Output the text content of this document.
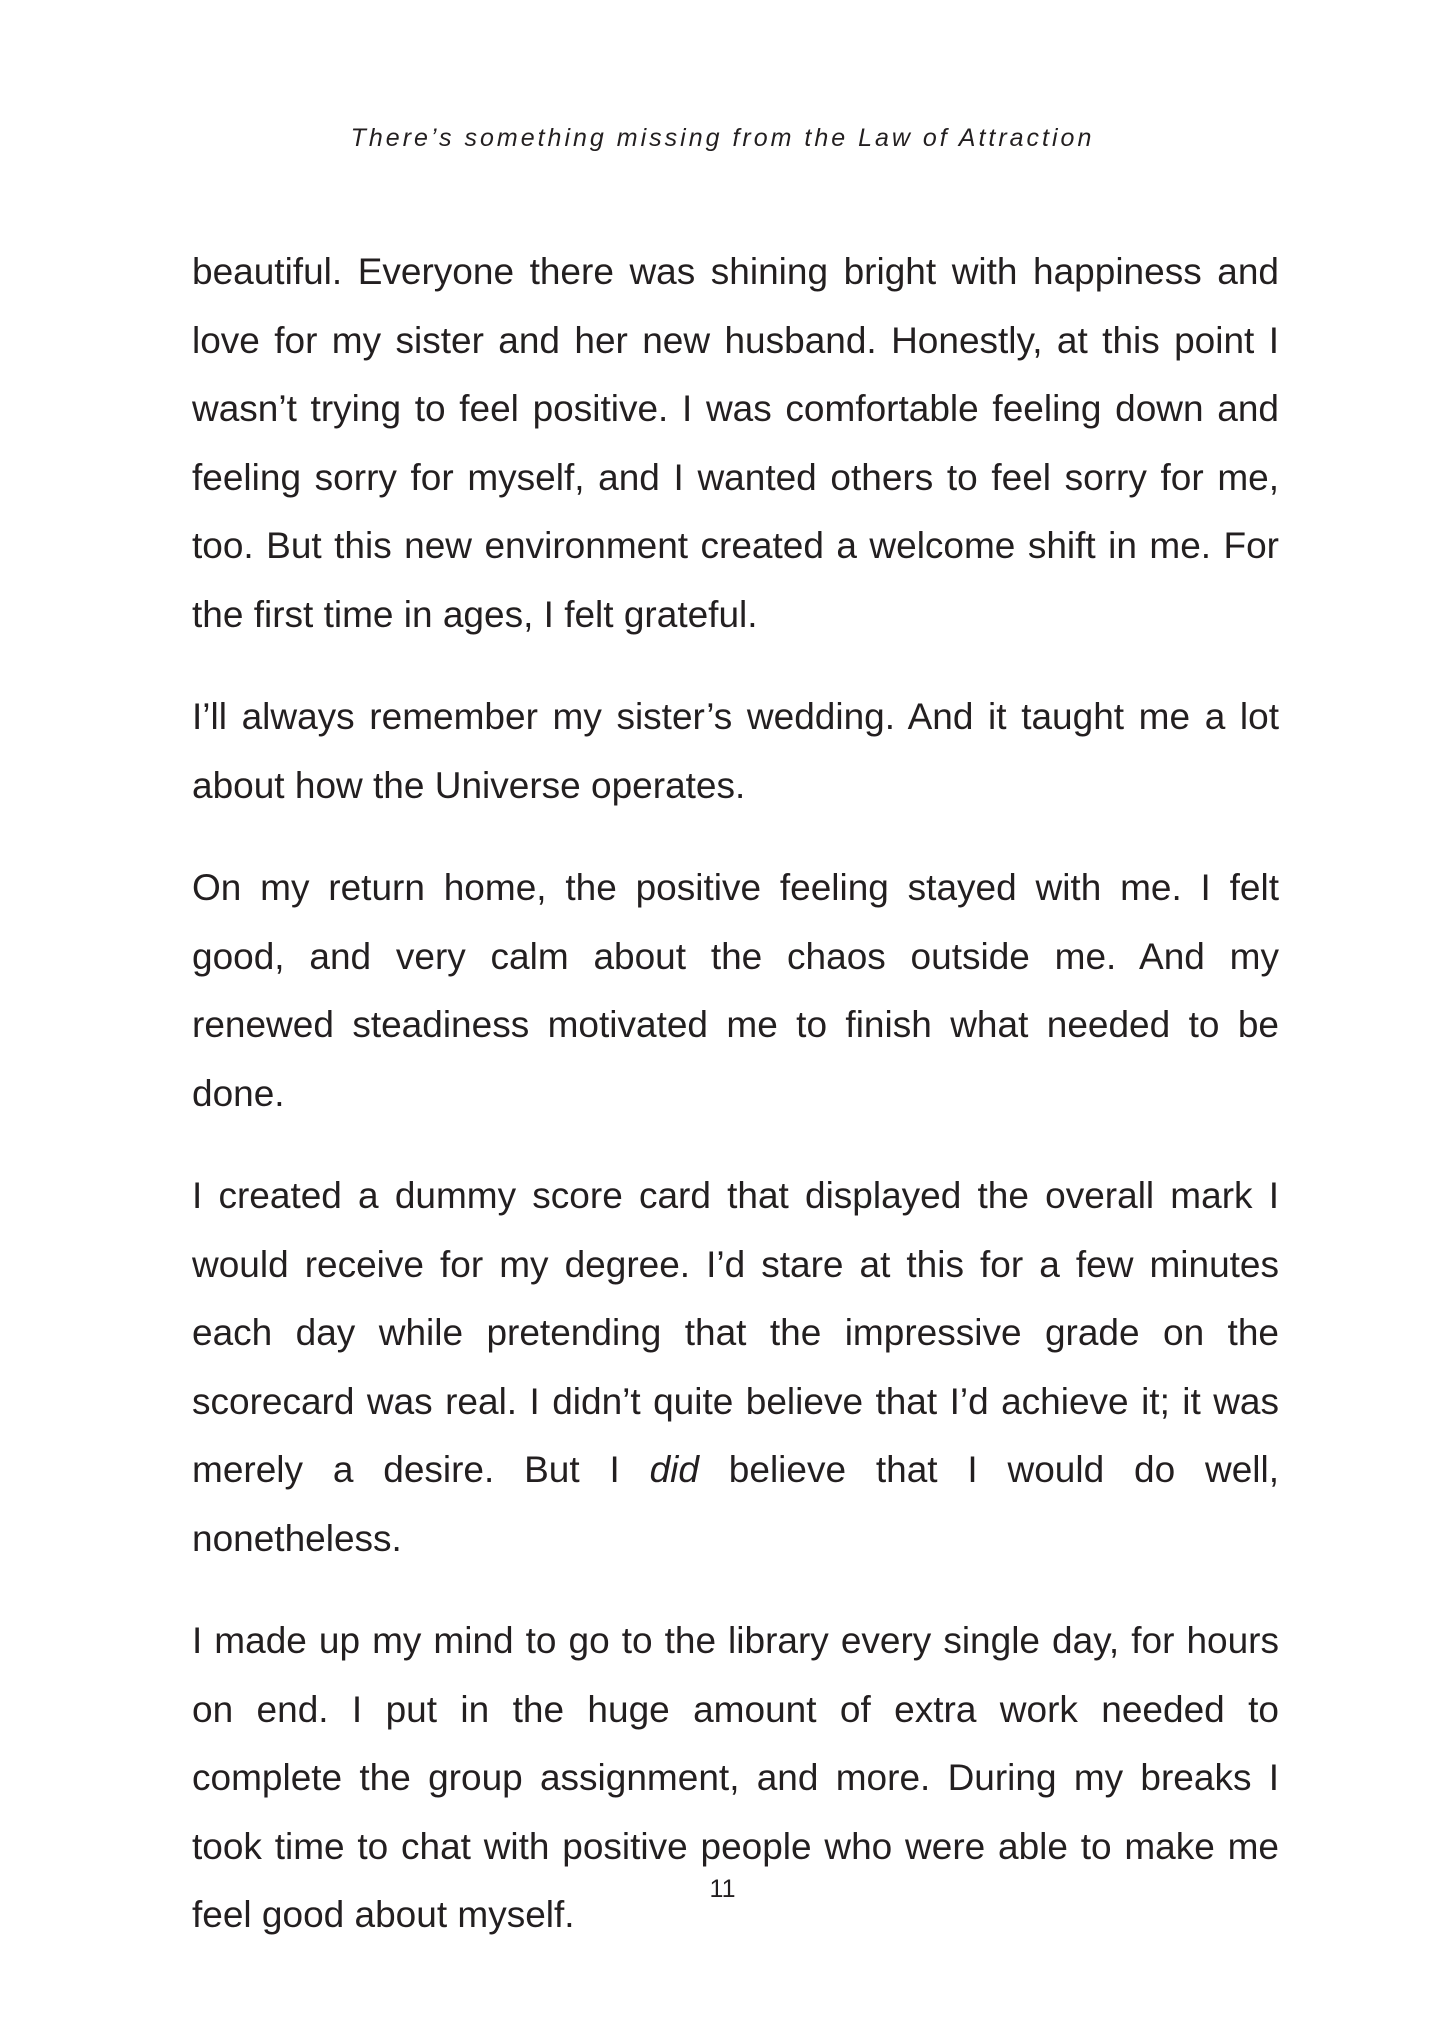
There’s something missing from the Law of Attraction

beautiful. Everyone there was shining bright with happiness and love for my sister and her new husband. Honestly, at this point I wasn’t trying to feel positive. I was comfortable feeling down and feeling sorry for myself, and I wanted others to feel sorry for me, too. But this new environment created a welcome shift in me. For the first time in ages, I felt grateful.

I’ll always remember my sister’s wedding. And it taught me a lot about how the Universe operates.

On my return home, the positive feeling stayed with me. I felt good, and very calm about the chaos outside me. And my renewed steadiness motivated me to finish what needed to be done.

I created a dummy score card that displayed the overall mark I would receive for my degree. I’d stare at this for a few minutes each day while pretending that the impressive grade on the scorecard was real. I didn’t quite believe that I’d achieve it; it was merely a desire. But I did believe that I would do well, nonetheless.

I made up my mind to go to the library every single day, for hours on end. I put in the huge amount of extra work needed to complete the group assignment, and more. During my breaks I took time to chat with positive people who were able to make me feel good about myself.

11
